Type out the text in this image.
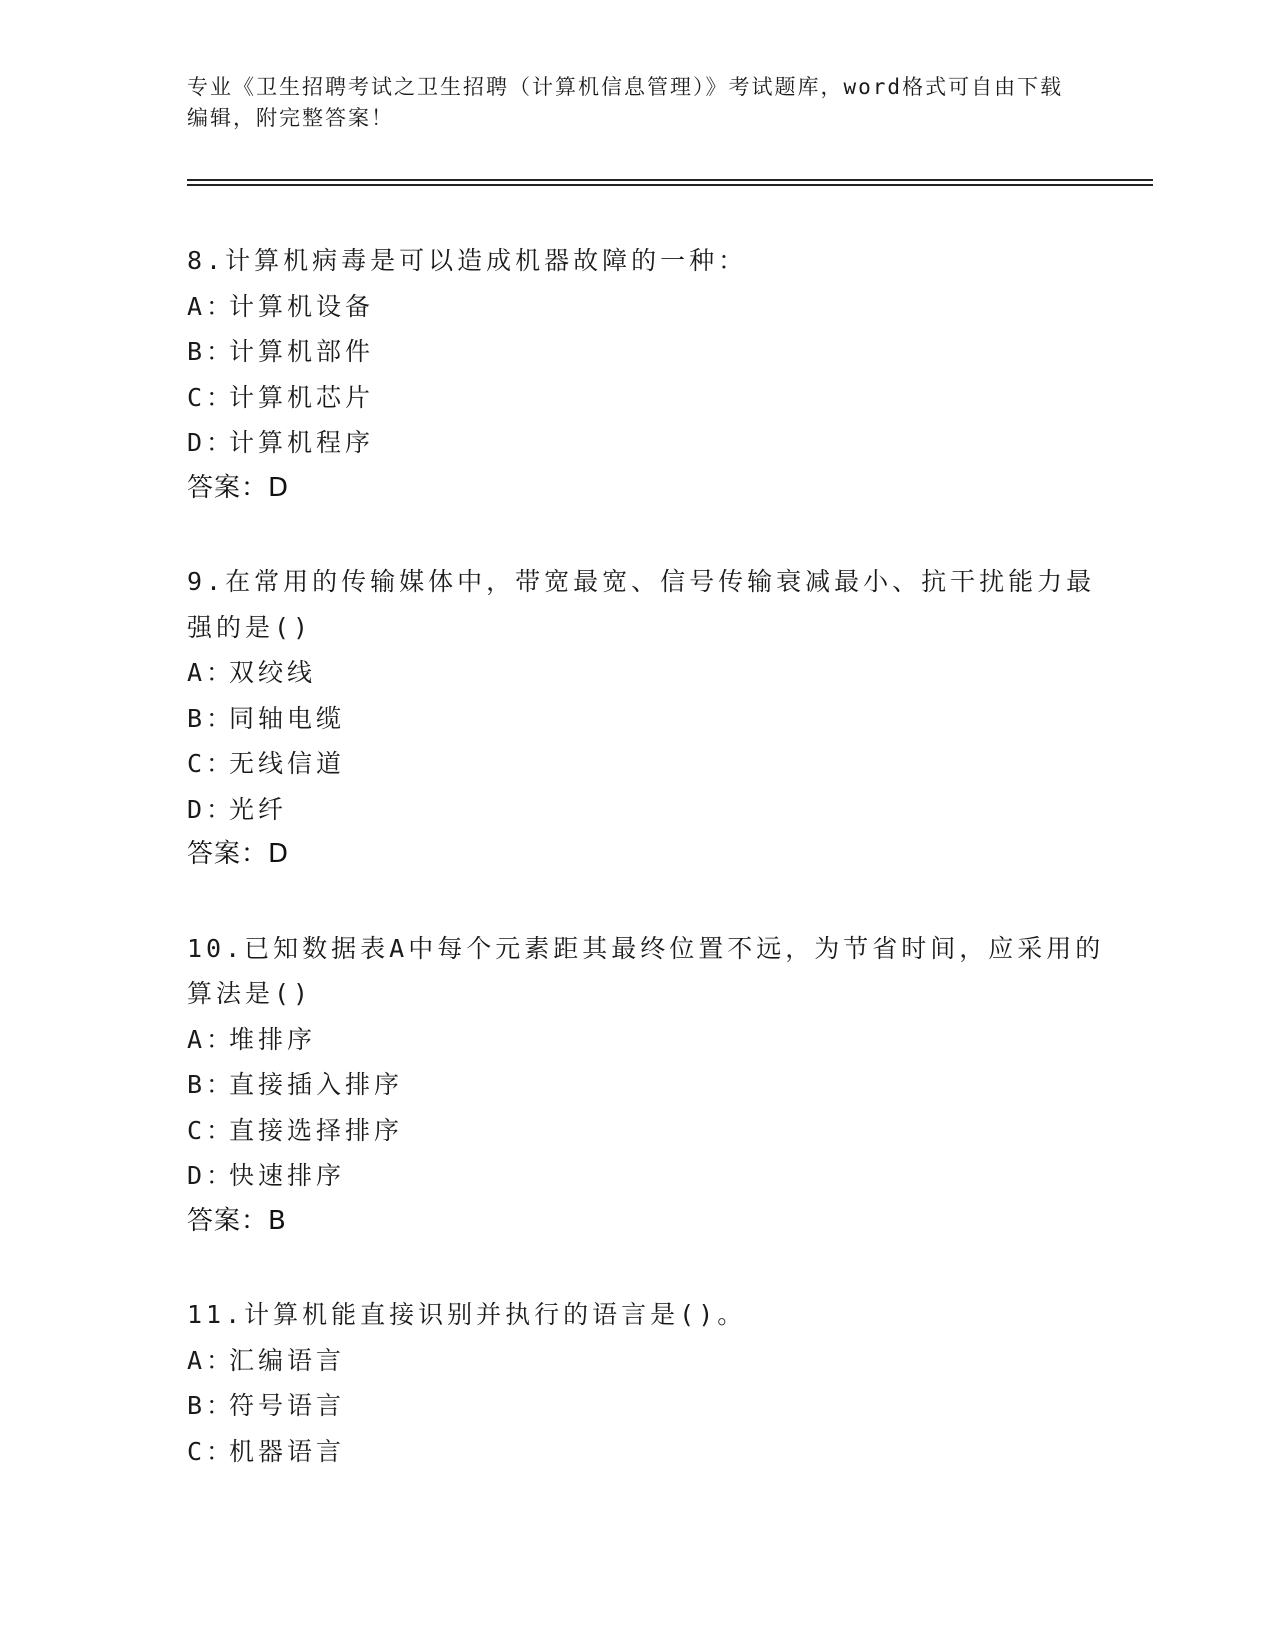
专业《卫生招聘考试之卫生招聘（计算机信息管理）》考试题库，word格式可自由下载编辑，附完整答案！
8.计算机病毒是可以造成机器故障的一种：
A：计算机设备
B：计算机部件
C：计算机芯片
D：计算机程序
答案：D
9.在常用的传输媒体中，带宽最宽、信号传输衰减最小、抗干扰能力最强的是()
A：双绞线
B：同轴电缆
C：无线信道
D：光纤
答案：D
10.已知数据表A中每个元素距其最终位置不远，为节省时间，应采用的算法是()
A：堆排序
B：直接插入排序
C：直接选择排序
D：快速排序
答案：B
11.计算机能直接识别并执行的语言是()。
A：汇编语言
B：符号语言
C：机器语言
